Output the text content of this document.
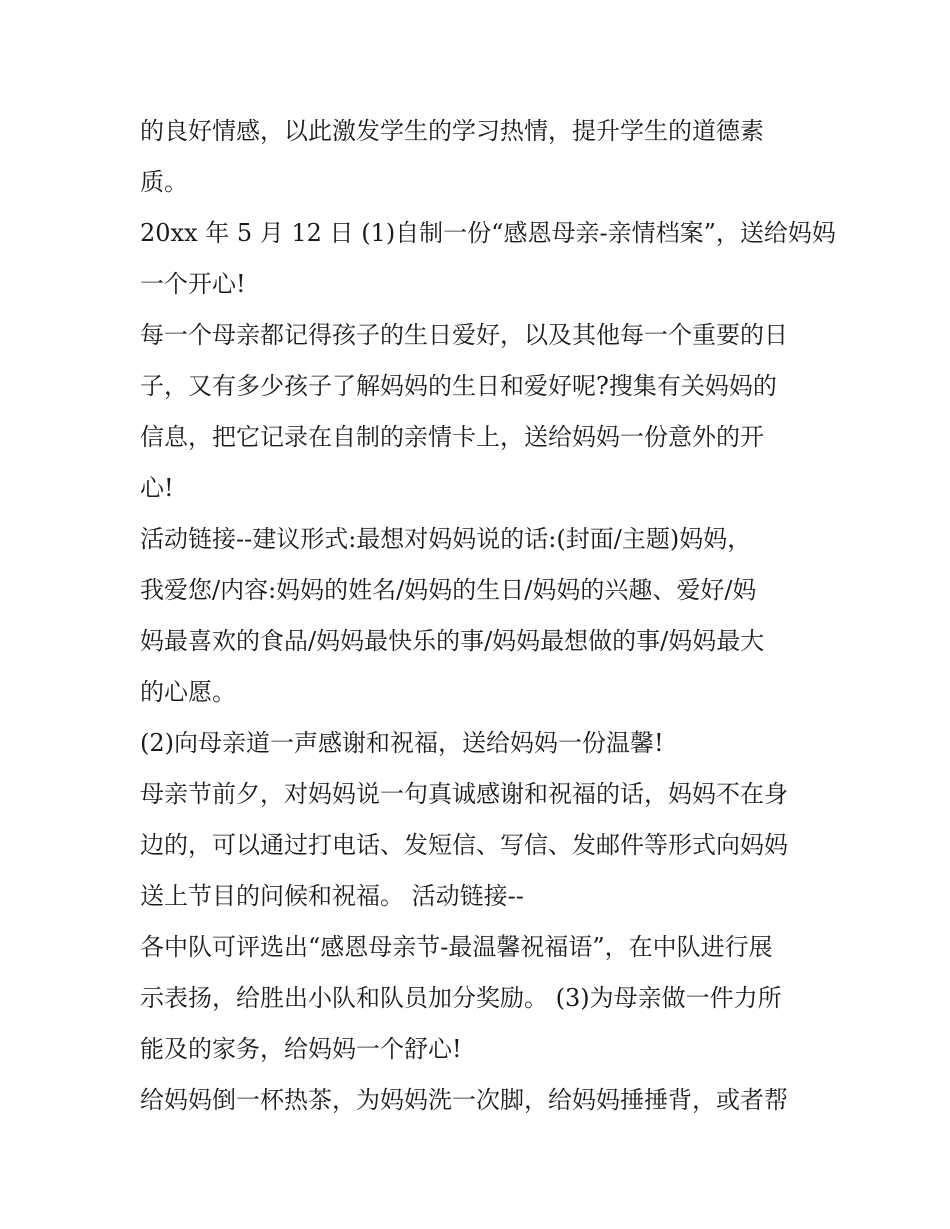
的良好情感，以此激发学生的学习热情，提升学生的道德素
质。
20xx 年 5 月 12 日 (1)自制一份“感恩母亲-亲情档案”，送给妈妈
一个开心!
每一个母亲都记得孩子的生日爱好，以及其他每一个重要的日
子，又有多少孩子了解妈妈的生日和爱好呢?搜集有关妈妈的
信息，把它记录在自制的亲情卡上，送给妈妈一份意外的开
心!
活动链接--建议形式:最想对妈妈说的话:(封面/主题)妈妈，
我爱您/内容:妈妈的姓名/妈妈的生日/妈妈的兴趣、爱好/妈
妈最喜欢的食品/妈妈最快乐的事/妈妈最想做的事/妈妈最大
的心愿。
(2)向母亲道一声感谢和祝福，送给妈妈一份温馨!
母亲节前夕，对妈妈说一句真诚感谢和祝福的话，妈妈不在身
边的，可以通过打电话、发短信、写信、发邮件等形式向妈妈
送上节目的问候和祝福。 活动链接--
各中队可评选出“感恩母亲节-最温馨祝福语”，在中队进行展
示表扬，给胜出小队和队员加分奖励。 (3)为母亲做一件力所
能及的家务，给妈妈一个舒心!
给妈妈倒一杯热茶，为妈妈洗一次脚，给妈妈捶捶背，或者帮
